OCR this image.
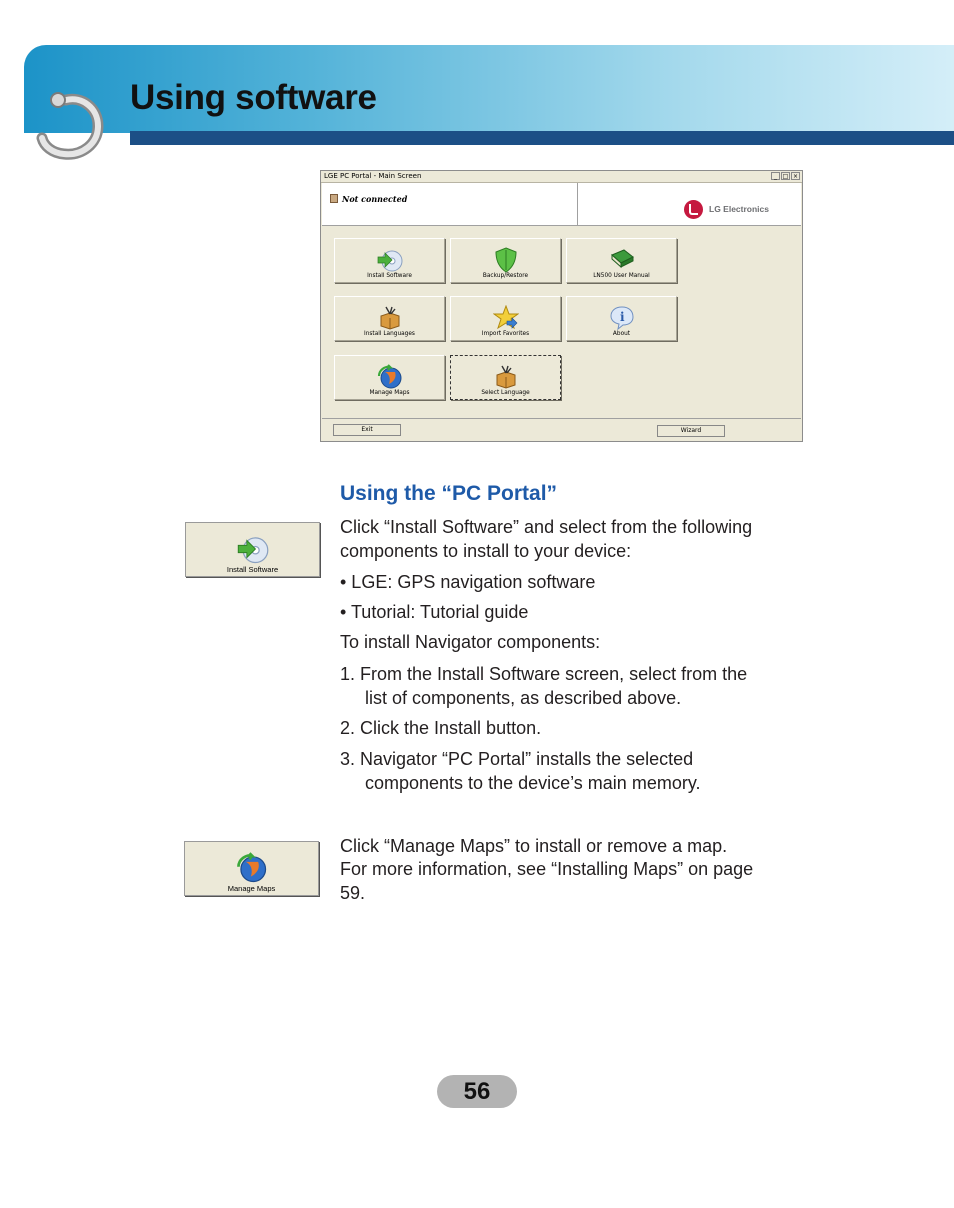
Using software
LGE PC Portal - Main Screen	_ □ ×
Not connected
LG Electronics
Install Software	Backup/Restore	LN500 User Manual
Install Languages	Import Favorites
i
About
Manage Maps	Select Language
Exit	Wizard
Using the “PC Portal”
Install Software

Click “Install Software” and select from the following

components to install to your device:

• LGE: GPS navigation software

• Tutorial: Tutorial guide

To install Navigator components:

1. From the Install Software screen, select from the

list of components, as described above.

2. Click the Install button.

3. Navigator “PC Portal” installs the selected

components to the device’s main memory.

Manage Maps

Click “Manage Maps” to install or remove a map.

For more information, see “Installing Maps” on page

59.

56
